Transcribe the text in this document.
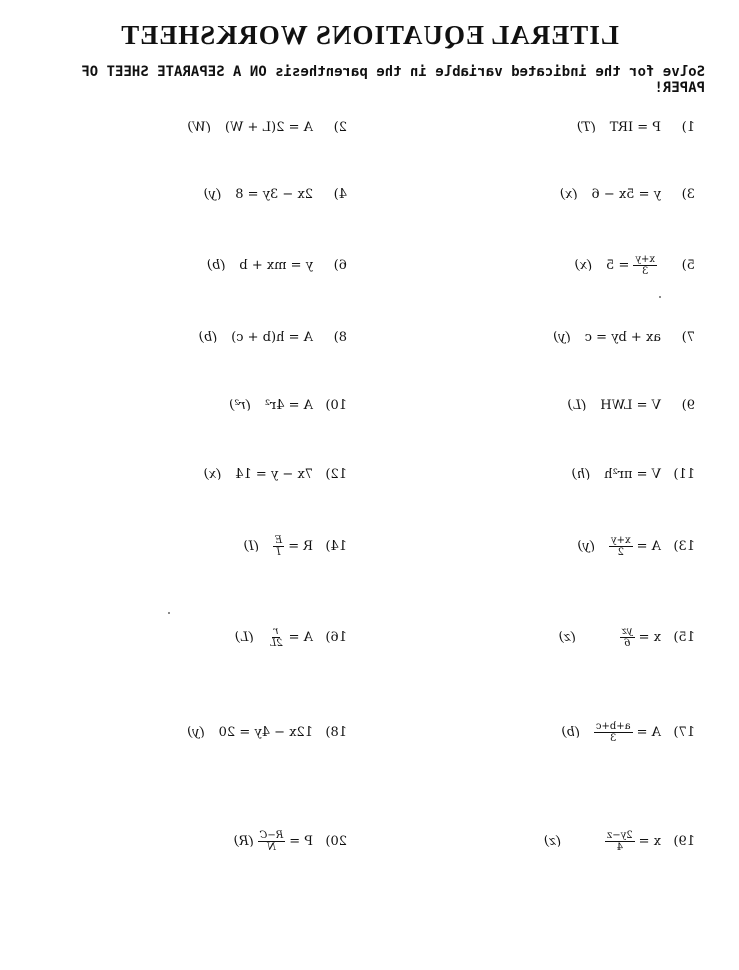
LITERAL EQUATIONS WORKSHEET
Solve for the indicated variable in the parenthesis ON A SEPARATE SHEET OF PAPER!
1)
P = IRT
(T)
2)
A = 2(L + W)
(W)
3)
y = 5x − 6
(x)
4)
2x − 3y = 8
(y)
5)
$\frac{x+y}{3}$
= 5
(x)
6)
y = mx + b
(b)
7)
ax + by = c
(y)
8)
A = h(b + c)
(b)
9)
V = LWH
(L)
10)
A = 4r²
(r²)
11)
V = πr²h
(h)
12)
7x − y = 14
(x)
13)
A =
$\frac{x+y}{2}$
(y)
14)
R =
$\frac{E}{I}$
(I)
15)
x =
$\frac{yz}{6}$
(z)
16)
A =
$\frac{r}{2L}$
(L)
17)
A =
$\frac{a+b+c}{3}$
(b)
18)
12x − 4y = 20
(y)
19)
x =
$\frac{2y-z}{4}$
(z)
20)
P =
$\frac{R-C}{N}$
(R)
